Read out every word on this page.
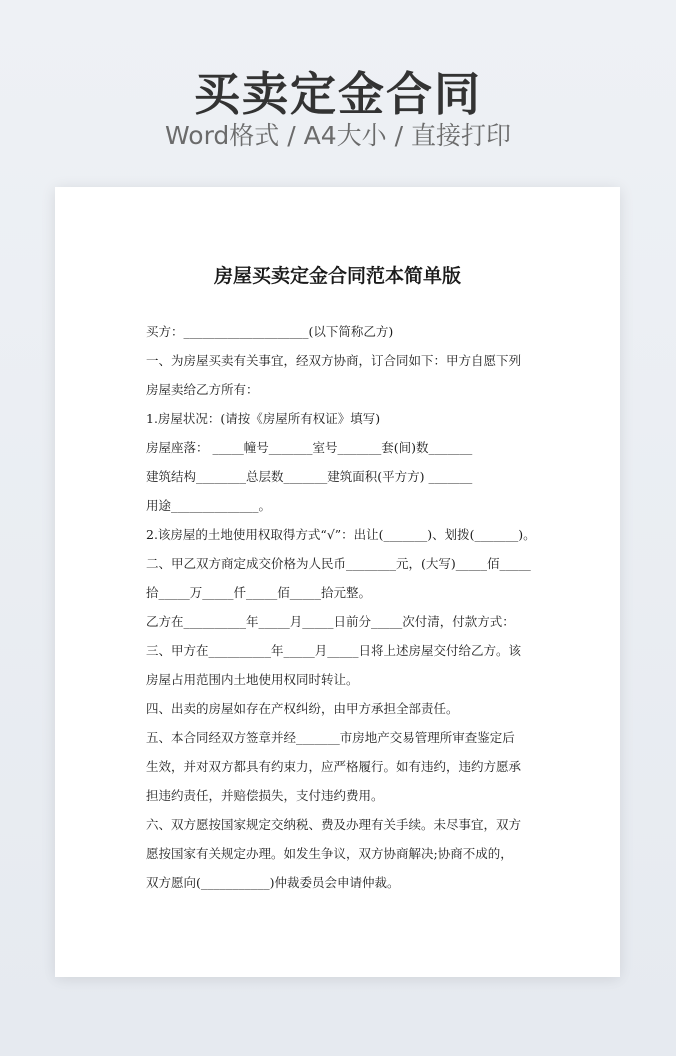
买卖定金合同
Word格式 / A4大小 / 直接打印
房屋买卖定金合同范本简单版
买方：____________________(以下简称乙方)
一、为房屋买卖有关事宜，经双方协商，订合同如下：甲方自愿下列
房屋卖给乙方所有：
1.房屋状况：(请按《房屋所有权证》填写)
房屋座落： _____幢号_______室号_______套(间)数_______
建筑结构________总层数_______建筑面积(平方方) _______
用途______________。
2.该房屋的土地使用权取得方式“√”：出让(_______)、划拨(_______)。
二、甲乙双方商定成交价格为人民币________元，(大写)_____佰_____
拾_____万_____仟_____佰_____拾元整。
乙方在__________年_____月_____日前分_____次付清，付款方式：
三、甲方在__________年_____月_____日将上述房屋交付给乙方。该
房屋占用范围内土地使用权同时转让。
四、出卖的房屋如存在产权纠纷，由甲方承担全部责任。
五、本合同经双方签章并经_______市房地产交易管理所审查鉴定后
生效，并对双方都具有约束力，应严格履行。如有违约，违约方愿承
担违约责任，并赔偿损失，支付违约费用。
六、双方愿按国家规定交纳税、费及办理有关手续。未尽事宜，双方
愿按国家有关规定办理。如发生争议，双方协商解决;协商不成的，
双方愿向(___________)仲裁委员会申请仲裁。
